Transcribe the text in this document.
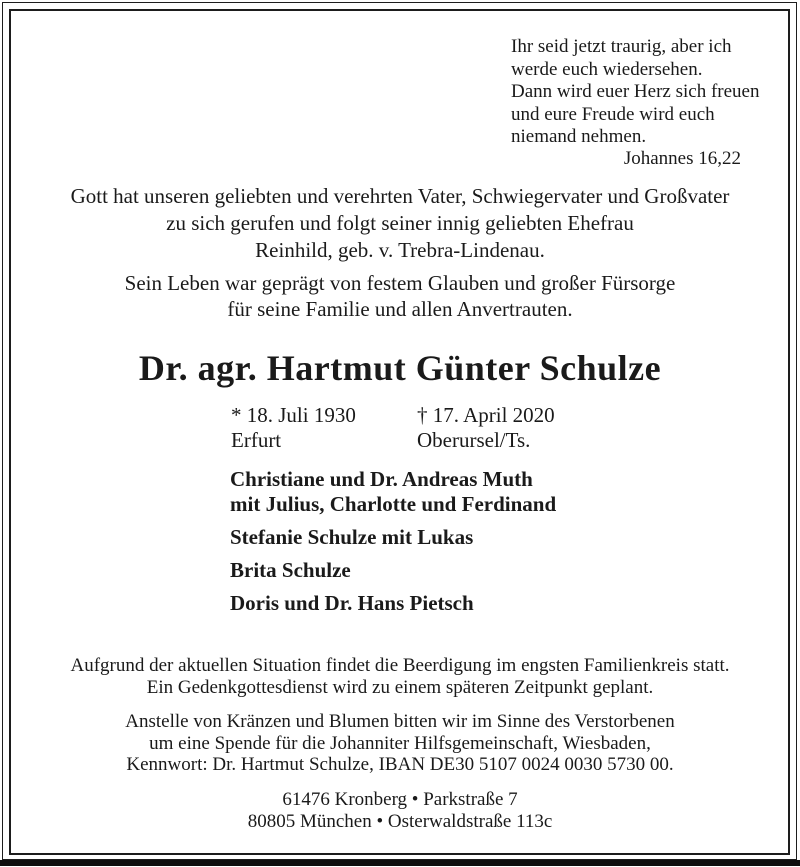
Ihr seid jetzt traurig, aber ich
werde euch wiedersehen.
Dann wird euer Herz sich freuen
und eure Freude wird euch
niemand nehmen.
Johannes 16,22
Gott hat unseren geliebten und verehrten Vater, Schwiegervater und Großvater
zu sich gerufen und folgt seiner innig geliebten Ehefrau
Reinhild, geb. v. Trebra-Lindenau.
Sein Leben war geprägt von festem Glauben und großer Fürsorge
für seine Familie und allen Anvertrauten.
Dr. agr. Hartmut Günter Schulze
* 18. Juli 1930
Erfurt
† 17. April 2020
Oberursel/Ts.
Christiane und Dr. Andreas Muth
mit Julius, Charlotte und Ferdinand
Stefanie Schulze mit Lukas
Brita Schulze
Doris und Dr. Hans Pietsch
Aufgrund der aktuellen Situation findet die Beerdigung im engsten Familienkreis statt.
Ein Gedenkgottesdienst wird zu einem späteren Zeitpunkt geplant.
Anstelle von Kränzen und Blumen bitten wir im Sinne des Verstorbenen
um eine Spende für die Johanniter Hilfsgemeinschaft, Wiesbaden,
Kennwort: Dr. Hartmut Schulze, IBAN DE30 5107 0024 0030 5730 00.
61476 Kronberg • Parkstraße 7
80805 München • Osterwaldstraße 113c
